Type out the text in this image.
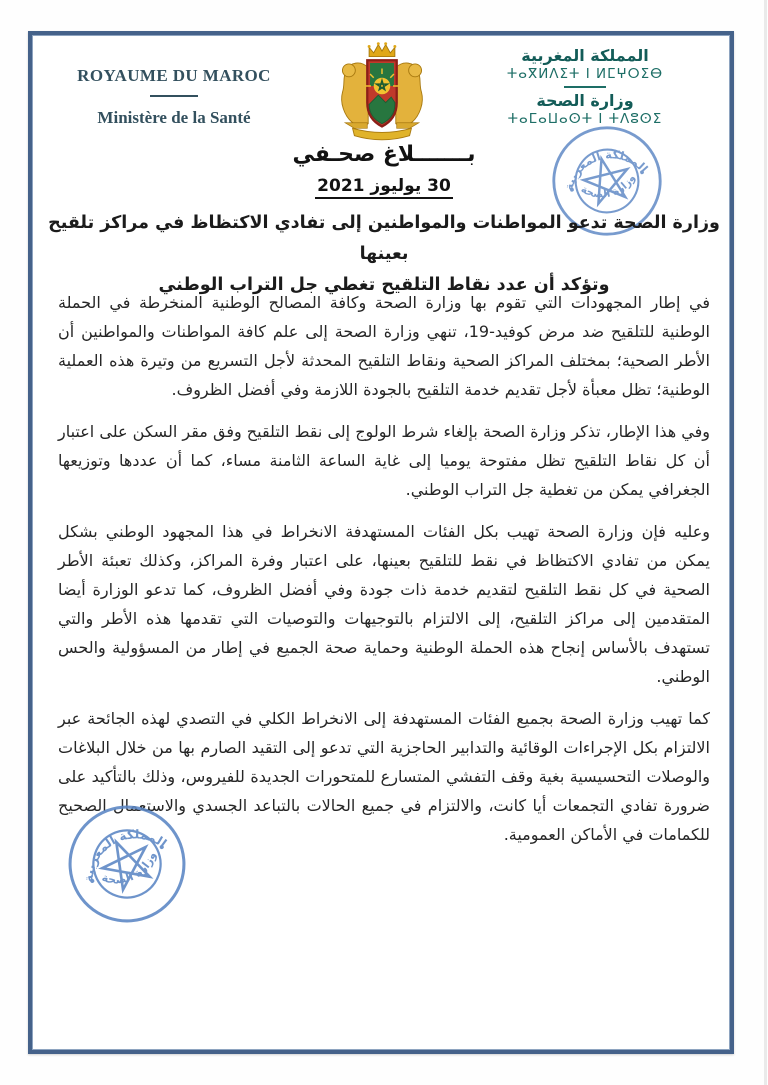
ROYAUME DU MAROC
Ministère de la Santé
المملكة المغربية
ⵜⴰⴳⵍⴷⵉⵜ ⵏ ⵍⵎⵖⵔⵉⴱ
وزارة الصحة
ⵜⴰⵎⴰⵡⴰⵙⵜ ⵏ ⵜⴷⵓⵙⵉ
المملكة المغربية
وزارة الصحة
بـــــــلاغ صحـفي
30 يوليوز 2021
وزارة الصحة تدعو المواطنات والمواطنين إلى تفادي الاكتظاظ في مراكز تلقيح بعينها
وتؤكد أن عدد نقاط التلقيح تغطي جل التراب الوطني

في إطار المجهودات التي تقوم بها وزارة الصحة وكافة المصالح الوطنية المنخرطة في الحملة الوطنية للتلقيح ضد مرض كوفيد-19، تنهي وزارة الصحة إلى علم كافة المواطنات والمواطنين أن الأطر الصحية؛ بمختلف المراكز الصحية ونقاط التلقيح المحدثة لأجل التسريع من وتيرة هذه العملية الوطنية؛ تظل معبأة لأجل تقديم خدمة التلقيح بالجودة اللازمة وفي أفضل الظروف.

وفي هذا الإطار، تذكر وزارة الصحة بإلغاء شرط الولوج إلى نقط التلقيح وفق مقر السكن على اعتبار أن كل نقاط التلقيح تظل مفتوحة يوميا إلى غاية الساعة الثامنة مساء، كما أن عددها وتوزيعها الجغرافي يمكن من تغطية جل التراب الوطني.

وعليه فإن وزارة الصحة تهيب بكل الفئات المستهدفة الانخراط في هذا المجهود الوطني بشكل يمكن من تفادي الاكتظاظ في نقط للتلقيح بعينها، على اعتبار وفرة المراكز، وكذلك تعبئة الأطر الصحية في كل نقط التلقيح لتقديم خدمة ذات جودة وفي أفضل الظروف، كما تدعو الوزارة أيضا المتقدمين إلى مراكز التلقيح، إلى الالتزام بالتوجيهات والتوصيات التي تقدمها هذه الأطر والتي تستهدف بالأساس إنجاح هذه الحملة الوطنية وحماية صحة الجميع في إطار من المسؤولية والحس الوطني.

كما تهيب وزارة الصحة بجميع الفئات المستهدفة إلى الانخراط الكلي في التصدي لهذه الجائحة عبر الالتزام بكل الإجراءات الوقائية والتدابير الحاجزية التي تدعو إلى التقيد الصارم بها من خلال البلاغات والوصلات التحسيسية بغية وقف التفشي المتسارع للمتحورات الجديدة للفيروس، وذلك بالتأكيد على ضرورة تفادي التجمعات أيا كانت، والالتزام في جميع الحالات بالتباعد الجسدي والاستعمال الصحيح للكمامات في الأماكن العمومية.

المملكة المغربية
وزارة الصحة
